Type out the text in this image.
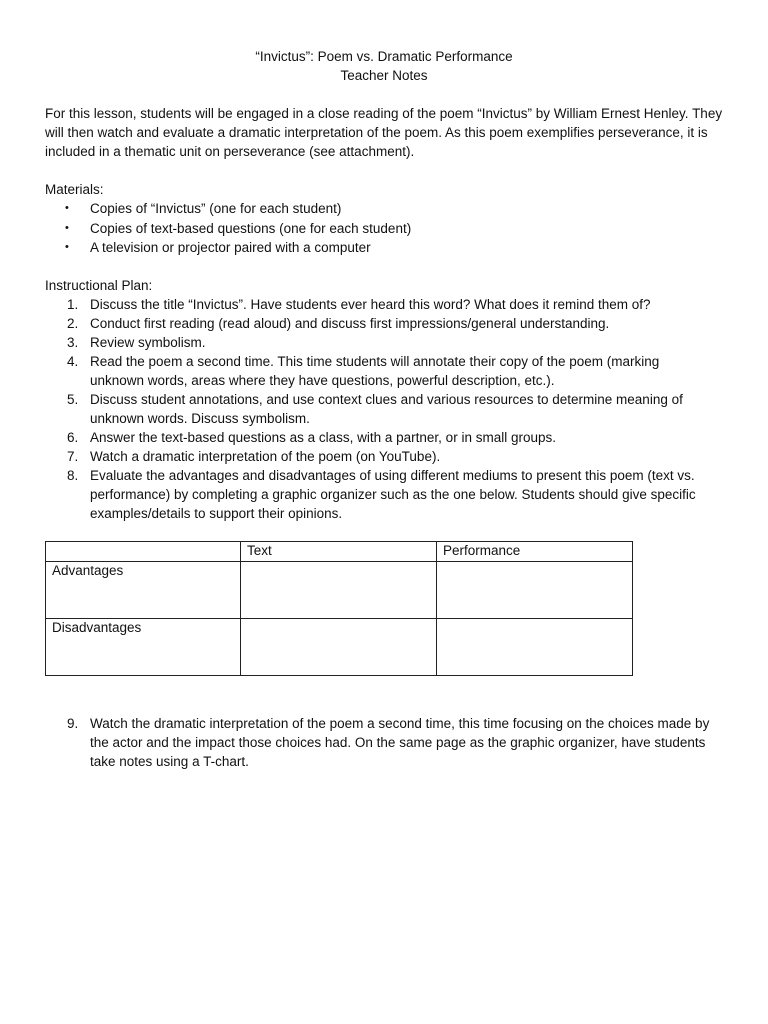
“Invictus”: Poem vs. Dramatic Performance

Teacher Notes

For this lesson, students will be engaged in a close reading of the poem “Invictus” by William Ernest Henley. They will then watch and evaluate a dramatic interpretation of the poem. As this poem exemplifies perseverance, it is included in a thematic unit on perseverance (see attachment).

Materials:

• Copies of “Invictus” (one for each student)
• Copies of text-based questions (one for each student)
• A television or projector paired with a computer

Instructional Plan:

1. Discuss the title “Invictus”. Have students ever heard this word? What does it remind them of?
2. Conduct first reading (read aloud) and discuss first impressions/general understanding.
3. Review symbolism.
4. Read the poem a second time. This time students will annotate their copy of the poem (marking unknown words, areas where they have questions, powerful description, etc.).
5. Discuss student annotations, and use context clues and various resources to determine meaning of unknown words. Discuss symbolism.
6. Answer the text-based questions as a class, with a partner, or in small groups.
7. Watch a dramatic interpretation of the poem (on YouTube).
8. Evaluate the advantages and disadvantages of using different mediums to present this poem (text vs. performance) by completing a graphic organizer such as the one below. Students should give specific examples/details to support their opinions.
	Text	Performance
Advantages		
Disadvantages		
9. Watch the dramatic interpretation of the poem a second time, this time focusing on the choices made by the actor and the impact those choices had. On the same page as the graphic organizer, have students take notes using a T-chart.
